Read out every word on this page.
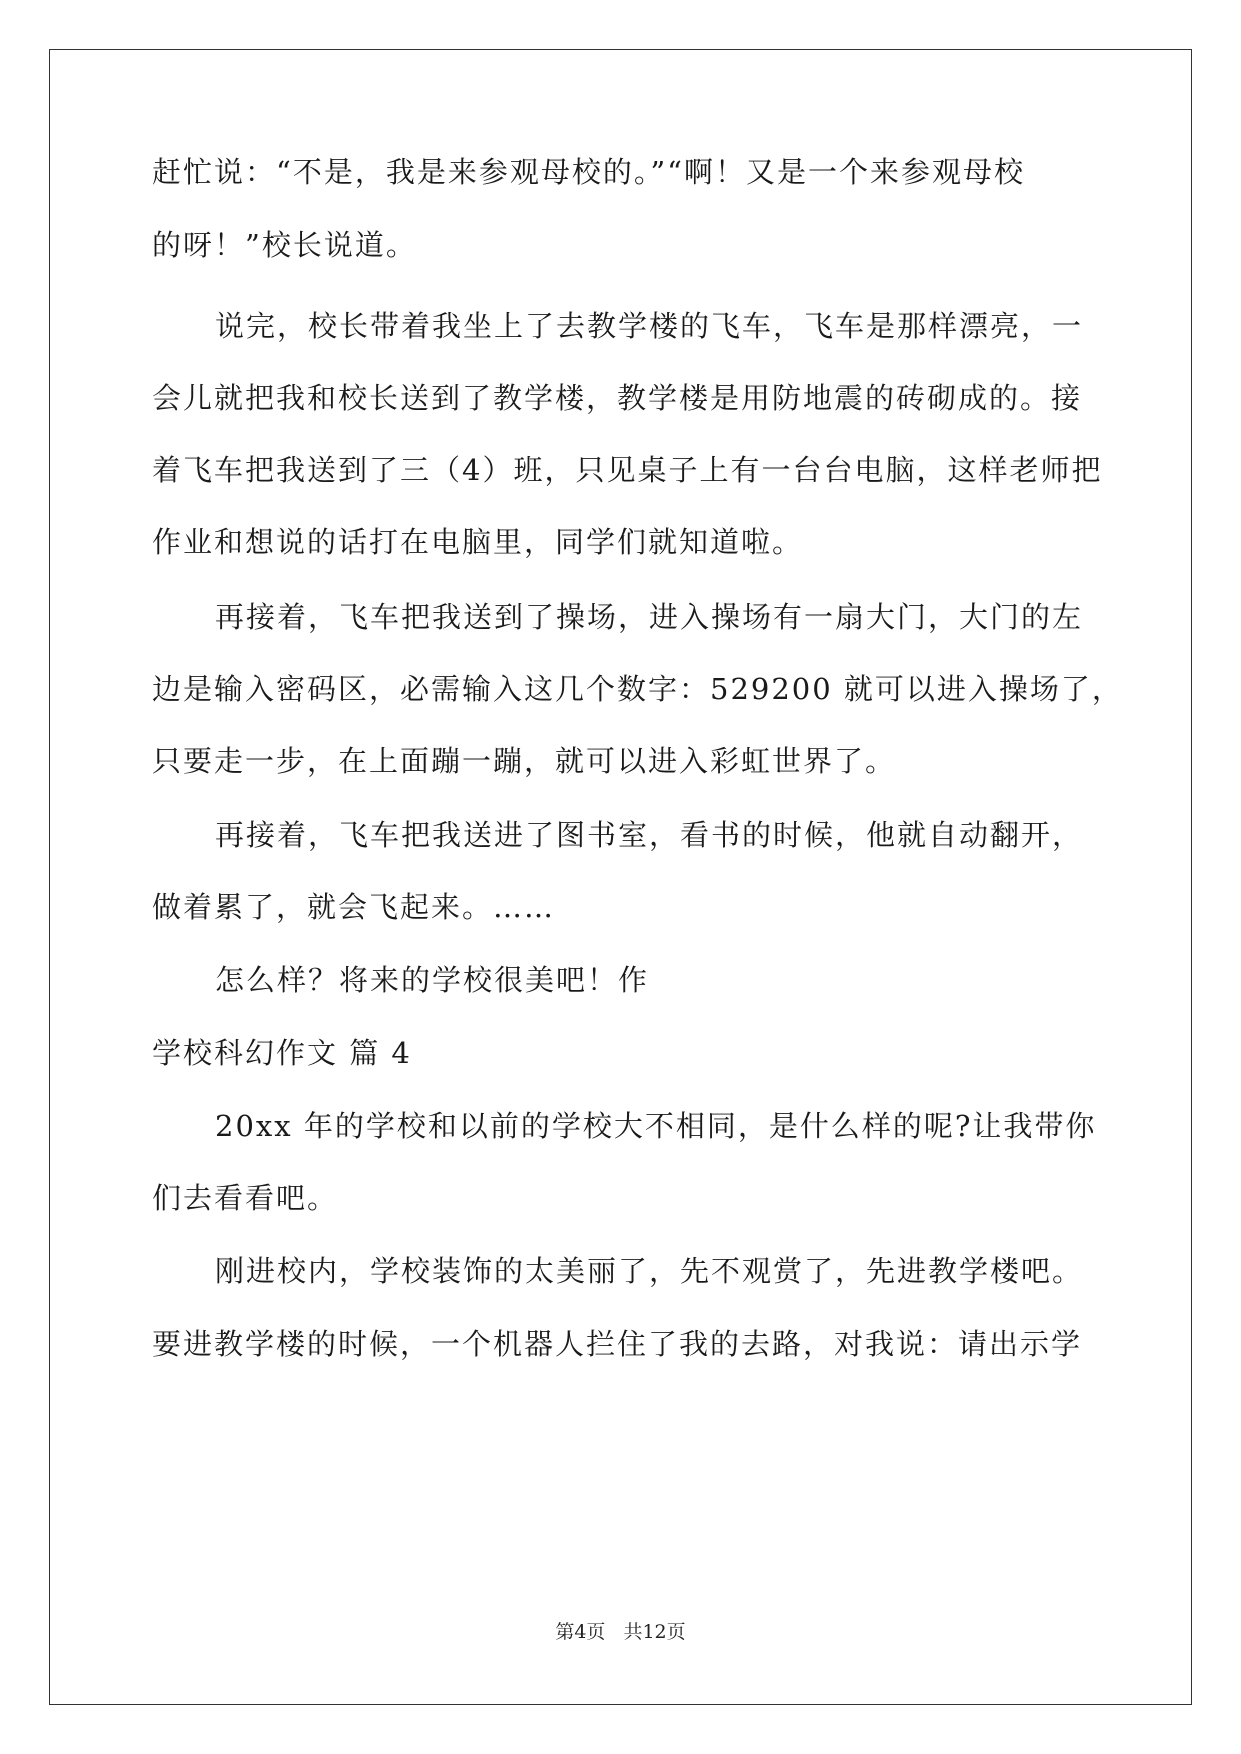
赶忙说：“不是，我是来参观母校的。”“啊！又是一个来参观母校
的呀！”校长说道。
说完，校长带着我坐上了去教学楼的飞车，飞车是那样漂亮，一
会儿就把我和校长送到了教学楼，教学楼是用防地震的砖砌成的。接
着飞车把我送到了三（4）班，只见桌子上有一台台电脑，这样老师把
作业和想说的话打在电脑里，同学们就知道啦。
再接着，飞车把我送到了操场，进入操场有一扇大门，大门的左
边是输入密码区，必需输入这几个数字：529200 就可以进入操场了，
只要走一步，在上面蹦一蹦，就可以进入彩虹世界了。
再接着，飞车把我送进了图书室，看书的时候，他就自动翻开，
做着累了，就会飞起来。……
怎么样？将来的学校很美吧！作
学校科幻作文 篇 4
20xx 年的学校和以前的学校大不相同，是什么样的呢?让我带你
们去看看吧。
刚进校内，学校装饰的太美丽了，先不观赏了，先进教学楼吧。
要进教学楼的时候，一个机器人拦住了我的去路，对我说：请出示学
第4页 共12页
